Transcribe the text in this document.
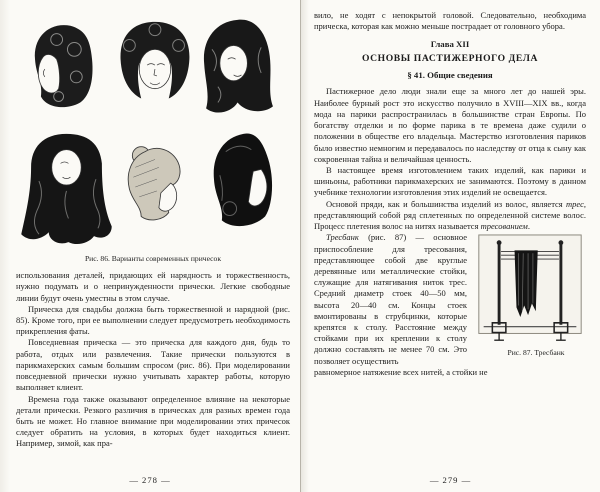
Рис. 86. Варианты современных причесок

использования деталей, придающих ей нарядность и торжественность, нужно подумать и о непринужденности прически. Легкие свободные линии будут очень уместны в этом случае.

Прическа для свадьбы должна быть торжественной и нарядной (рис. 85). Кроме того, при ее выполнении следует предусмотреть необходимость прикрепления фаты.

Повседневная прическа — это прическа для каждого дня, будь то работа, отдых или развлечения. Такие прически пользуются в парикмахерских самым большим спросом (рис. 86). При моделировании повседневной прически нужно учитывать характер работы, которую выполняет клиент.

Времена года также оказывают определенное влияние на некоторые детали прически. Резкого различия в прическах для разных времен года быть не может. Но главное внимание при моделировании этих причесок следует обратить на условия, в которых будет находиться клиент. Например, зимой, как пра-

— 278 —

вило, не ходят с непокрытой головой. Следовательно, необходима прическа, которая как можно меньше пострадает от головного убора.

Глава XII
ОСНОВЫ ПАСТИЖЕРНОГО ДЕЛА
§ 41. Общие сведения

Пастижерное дело люди знали еще за много лет до нашей эры. Наиболее бурный рост это искусство получило в XVIII—XIX вв., когда мода на парики распространилась в большинстве стран Европы. По богатству отделки и по форме парика в те времена даже судили о положении в обществе его владельца. Мастерство изготовления париков было известно немногим и передавалось по наследству от отца к сыну как сокровенная тайна и величайшая ценность.

В настоящее время изготовлением таких изделий, как парики и шиньоны, работники парикмахерских не занимаются. Поэтому в данном учебнике технологии изготовления этих изделий не освещается.

Основой пряди, как и большинства изделий из волос, является трес, представляющий собой ряд сплетенных по определенной системе волос. Процесс плетения волос на нитях называется тресованием.

Рис. 87. Тресбанк
Тресбанк (рис. 87) — основное приспособление для тресования, представляющее собой две круглые деревянные или металлические стойки, служащие для натягивания ниток трес. Средний диаметр стоек 40—50 мм, высота 20—40 см. Концы стоек вмонтированы в струбцинки, которые крепятся к столу. Расстояние между стойками при их креплении к столу должно составлять не менее 70 см. Это позволяет осуществить

равномерное натяжение всех нитей, а стойки не

— 279 —
